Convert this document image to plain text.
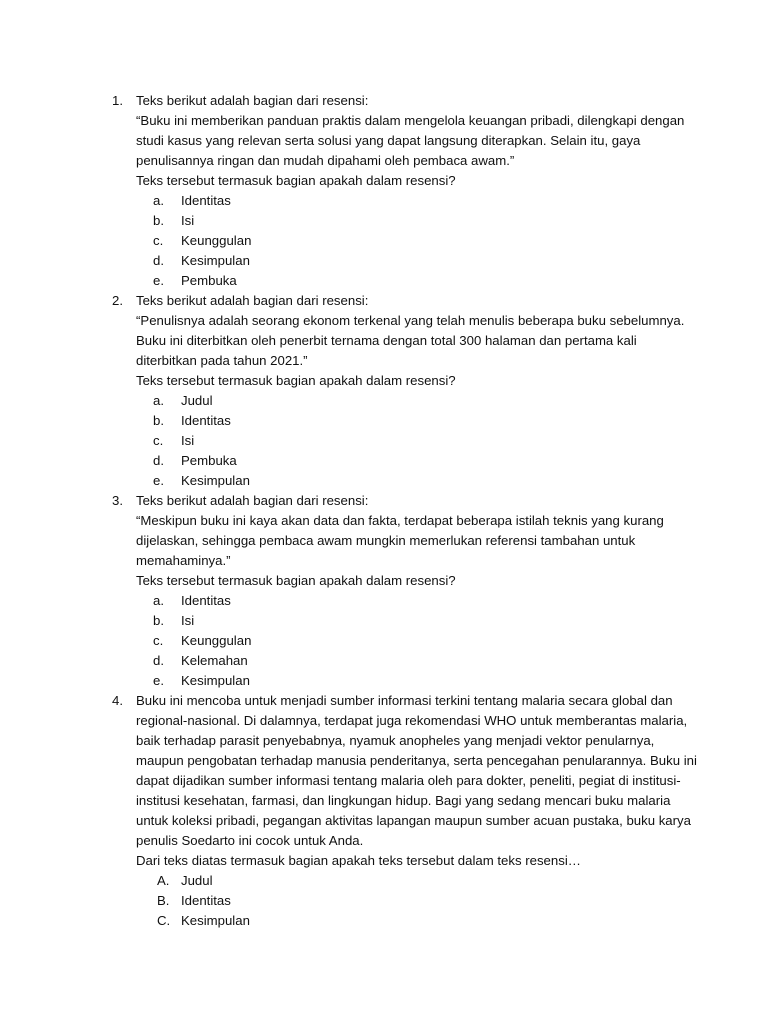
1. Teks berikut adalah bagian dari resensi:
“Buku ini memberikan panduan praktis dalam mengelola keuangan pribadi, dilengkapi dengan
studi kasus yang relevan serta solusi yang dapat langsung diterapkan. Selain itu, gaya
penulisannya ringan dan mudah dipahami oleh pembaca awam.”
Teks tersebut termasuk bagian apakah dalam resensi?
a.	Identitas
b.	Isi
c.	Keunggulan
d.	Kesimpulan
e.	Pembuka
2. Teks berikut adalah bagian dari resensi:
“Penulisnya adalah seorang ekonom terkenal yang telah menulis beberapa buku sebelumnya.
Buku ini diterbitkan oleh penerbit ternama dengan total 300 halaman dan pertama kali
diterbitkan pada tahun 2021.”
Teks tersebut termasuk bagian apakah dalam resensi?
a.	Judul
b.	Identitas
c.	Isi
d.	Pembuka
e.	Kesimpulan
3. Teks berikut adalah bagian dari resensi:
“Meskipun buku ini kaya akan data dan fakta, terdapat beberapa istilah teknis yang kurang
dijelaskan, sehingga pembaca awam mungkin memerlukan referensi tambahan untuk
memahaminya.”
Teks tersebut termasuk bagian apakah dalam resensi?
a.	Identitas
b.	Isi
c.	Keunggulan
d.	Kelemahan
e.	Kesimpulan
4. Buku ini mencoba untuk menjadi sumber informasi terkini tentang malaria secara global dan
regional-nasional. Di dalamnya, terdapat juga rekomendasi WHO untuk memberantas malaria,
baik terhadap parasit penyebabnya, nyamuk anopheles yang menjadi vektor penularnya,
maupun pengobatan terhadap manusia penderitanya, serta pencegahan penularannya. Buku ini
dapat dijadikan sumber informasi tentang malaria oleh para dokter, peneliti, pegiat di institusi-
institusi kesehatan, farmasi, dan lingkungan hidup. Bagi yang sedang mencari buku malaria
untuk koleksi pribadi, pegangan aktivitas lapangan maupun sumber acuan pustaka, buku karya
penulis Soedarto ini cocok untuk Anda.
Dari teks diatas termasuk bagian apakah teks tersebut dalam teks resensi…
A. Judul
B. Identitas
C. Kesimpulan
